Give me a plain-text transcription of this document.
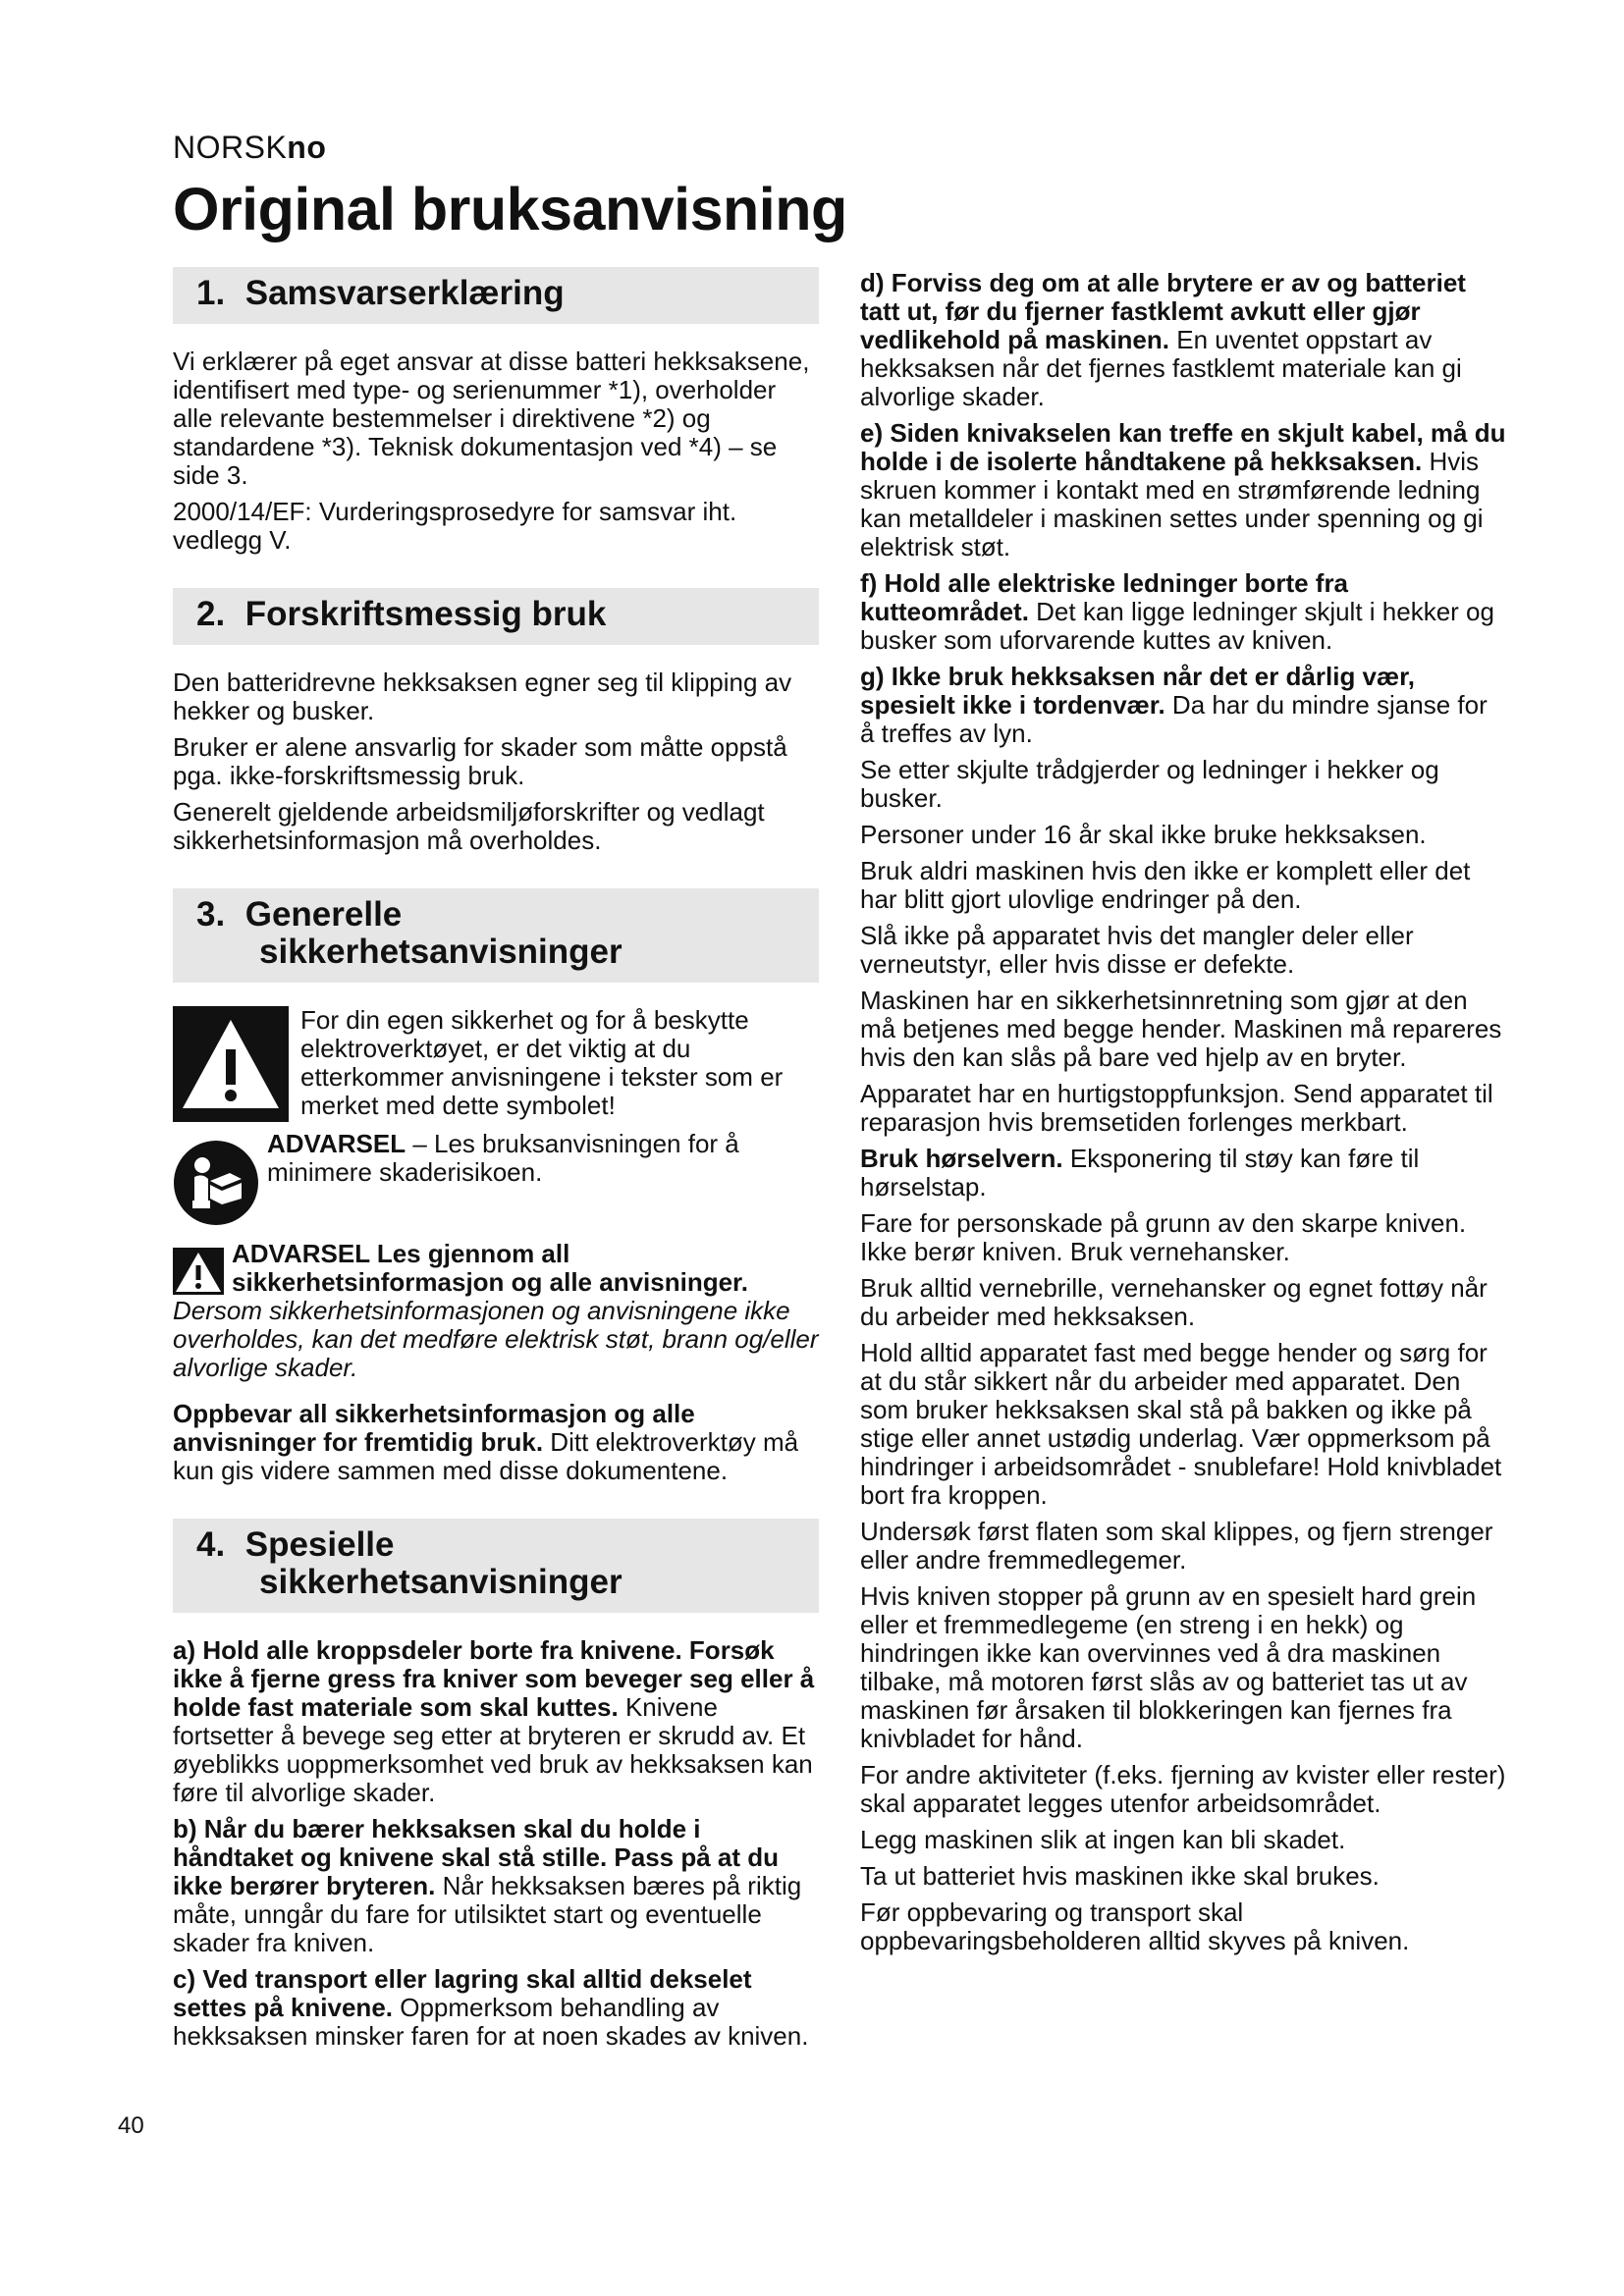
NORSKno
Original bruksanvisning
1. Samsvarserklæring

Vi erklærer på eget ansvar at disse batteri hekksaksene, identifisert med type- og serienummer *1), overholder alle relevante bestemmelser i direktivene *2) og standardene *3). Teknisk dokumentasjon ved *4) – se side 3.

2000/14/EF: Vurderingsprosedyre for samsvar iht. vedlegg V.

2. Forskriftsmessig bruk

Den batteridrevne hekksaksen egner seg til klipping av hekker og busker.

Bruker er alene ansvarlig for skader som måtte oppstå pga. ikke-forskriftsmessig bruk.

Generelt gjeldende arbeidsmiljøforskrifter og vedlagt sikkerhetsinformasjon må overholdes.

3. Generelle
sikkerhetsanvisninger

For din egen sikkerhet og for å beskytte elektroverktøyet, er det viktig at du etterkommer anvisningene i tekster som er merket med dette symbolet!

ADVARSEL – Les bruksanvisningen for å minimere skaderisikoen.

ADVARSEL Les gjennom all sikkerhetsinformasjon og alle anvisninger. Dersom sikkerhetsinformasjonen og anvisningene ikke overholdes, kan det medføre elektrisk støt, brann og/eller alvorlige skader.

Oppbevar all sikkerhetsinformasjon og alle anvisninger for fremtidig bruk. Ditt elektroverktøy må kun gis videre sammen med disse dokumentene.

4. Spesielle
sikkerhetsanvisninger

a) Hold alle kroppsdeler borte fra knivene. Forsøk ikke å fjerne gress fra kniver som beveger seg eller å holde fast materiale som skal kuttes. Knivene fortsetter å bevege seg etter at bryteren er skrudd av. Et øyeblikks uoppmerksomhet ved bruk av hekksaksen kan føre til alvorlige skader.

b) Når du bærer hekksaksen skal du holde i håndtaket og knivene skal stå stille. Pass på at du ikke berører bryteren. Når hekksaksen bæres på riktig måte, unngår du fare for utilsiktet start og eventuelle skader fra kniven.

c) Ved transport eller lagring skal alltid dekselet settes på knivene. Oppmerksom behandling av hekksaksen minsker faren for at noen skades av kniven.

d) Forviss deg om at alle brytere er av og batteriet tatt ut, før du fjerner fastklemt avkutt eller gjør vedlikehold på maskinen. En uventet oppstart av hekksaksen når det fjernes fastklemt materiale kan gi alvorlige skader.

e) Siden knivakselen kan treffe en skjult kabel, må du holde i de isolerte håndtakene på hekksaksen. Hvis skruen kommer i kontakt med en strømførende ledning kan metalldeler i maskinen settes under spenning og gi elektrisk støt.

f) Hold alle elektriske ledninger borte fra kutteområdet. Det kan ligge ledninger skjult i hekker og busker som uforvarende kuttes av kniven.

g) Ikke bruk hekksaksen når det er dårlig vær, spesielt ikke i tordenvær. Da har du mindre sjanse for å treffes av lyn.

Se etter skjulte trådgjerder og ledninger i hekker og busker.

Personer under 16 år skal ikke bruke hekksaksen.

Bruk aldri maskinen hvis den ikke er komplett eller det har blitt gjort ulovlige endringer på den.

Slå ikke på apparatet hvis det mangler deler eller verneutstyr, eller hvis disse er defekte.

Maskinen har en sikkerhetsinnretning som gjør at den må betjenes med begge hender. Maskinen må repareres hvis den kan slås på bare ved hjelp av en bryter.

Apparatet har en hurtigstoppfunksjon. Send apparatet til reparasjon hvis bremsetiden forlenges merkbart.

Bruk hørselvern. Eksponering til støy kan føre til hørselstap.

Fare for personskade på grunn av den skarpe kniven. Ikke berør kniven. Bruk vernehansker.

Bruk alltid vernebrille, vernehansker og egnet fottøy når du arbeider med hekksaksen.

Hold alltid apparatet fast med begge hender og sørg for at du står sikkert når du arbeider med apparatet. Den som bruker hekksaksen skal stå på bakken og ikke på stige eller annet ustødig underlag. Vær oppmerksom på hindringer i arbeidsområdet - snublefare! Hold knivbladet bort fra kroppen.

Undersøk først flaten som skal klippes, og fjern strenger eller andre fremmedlegemer.

Hvis kniven stopper på grunn av en spesielt hard grein eller et fremmedlegeme (en streng i en hekk) og hindringen ikke kan overvinnes ved å dra maskinen tilbake, må motoren først slås av og batteriet tas ut av maskinen før årsaken til blokkeringen kan fjernes fra knivbladet for hånd.

For andre aktiviteter (f.eks. fjerning av kvister eller rester) skal apparatet legges utenfor arbeidsområdet.

Legg maskinen slik at ingen kan bli skadet.

Ta ut batteriet hvis maskinen ikke skal brukes.

Før oppbevaring og transport skal oppbevaringsbeholderen alltid skyves på kniven.

40
